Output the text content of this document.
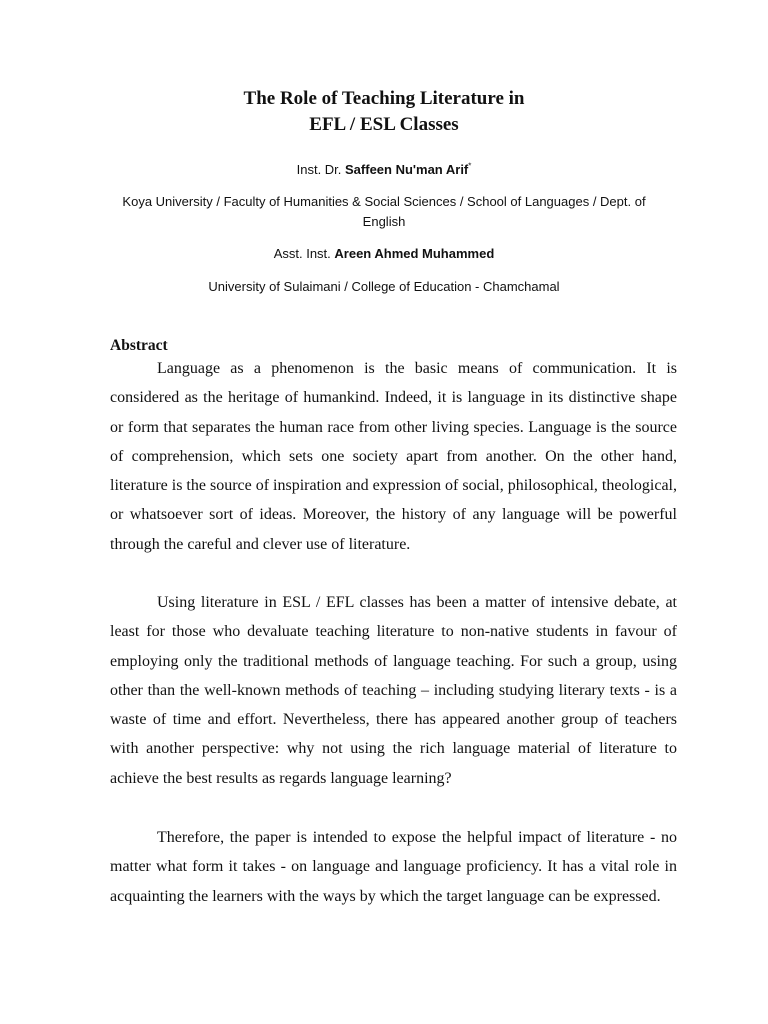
The Role of Teaching Literature in
EFL / ESL Classes
Inst. Dr. Saffeen Nu'man Arif*
Koya University / Faculty of Humanities & Social Sciences / School of Languages / Dept. of English
Asst. Inst. Areen Ahmed Muhammed
University of Sulaimani / College of Education - Chamchamal
Abstract

Language as a phenomenon is the basic means of communication. It is considered as the heritage of humankind. Indeed, it is language in its distinctive shape or form that separates the human race from other living species. Language is the source of comprehension, which sets one society apart from another. On the other hand, literature is the source of inspiration and expression of social, philosophical, theological, or whatsoever sort of ideas. Moreover, the history of any language will be powerful through the careful and clever use of literature.

Using literature in ESL / EFL classes has been a matter of intensive debate, at least for those who devaluate teaching literature to non-native students in favour of employing only the traditional methods of language teaching. For such a group, using other than the well-known methods of teaching – including studying literary texts - is a waste of time and effort. Nevertheless, there has appeared another group of teachers with another perspective: why not using the rich language material of literature to achieve the best results as regards language learning?

Therefore, the paper is intended to expose the helpful impact of literature - no matter what form it takes - on language and language proficiency. It has a vital role in acquainting the learners with the ways by which the target language can be expressed.
